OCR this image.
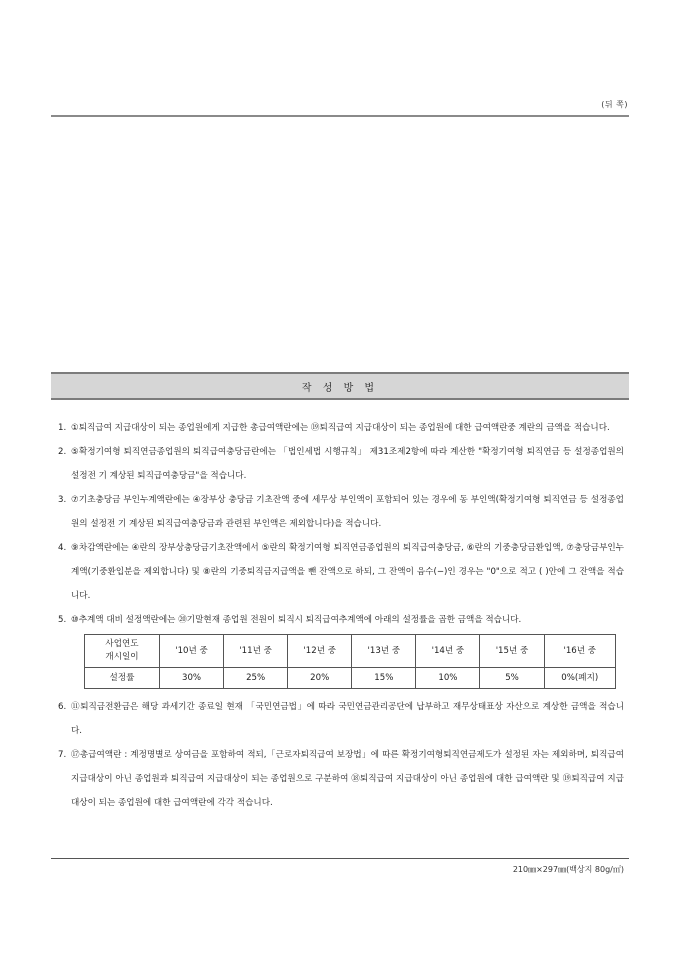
(뒤 쪽)
작 성 방 법
1. ①퇴직급여 지급대상이 되는 종업원에게 지급한 총급여액란에는 ⑲퇴직급여 지급대상이 되는 종업원에 대한 급여액란중 계란의 금액을 적습니다.
2. ⑤확정기여형 퇴직연금종업원의 퇴직급여충당금란에는 「법인세법 시행규칙」 제31조제2항에 따라 계산한 "확정기여형 퇴직연금 등 설정종업원의 설정전 기 계상된 퇴직급여충당금"을 적습니다.
3. ⑦기초충당금 부인누계액란에는 ④장부상 충당금 기초잔액 중에 세무상 부인액이 포함되어 있는 경우에 동 부인액(확정기여형 퇴직연금 등 설정종업원의 설정전 기 계상된 퇴직급여충당금과 관련된 부인액은 제외합니다)을 적습니다.
4. ⑨차감액란에는 ④란의 장부상충당금기초잔액에서 ⑤란의 확정기여형 퇴직연금종업원의 퇴직급여충당금, ⑥란의 기중충당금환입액, ⑦충당금부인누계액(기중환입분을 제외합니다) 및 ⑧란의 기중퇴직금지급액을 뺀 잔액으로 하되, 그 잔액이 음수(−)인 경우는 "0"으로 적고 ( )안에 그 잔액을 적습니다.
5. ⑩추계액 대비 설정액란에는 ⑳기말현재 종업원 전원이 퇴직시 퇴직급여추계액에 아래의 설정률을 곱한 금액을 적습니다.
사업연도
개시일이	'10년 중	'11년 중	'12년 중	'13년 중	'14년 중	'15년 중	'16년 중
설정률	30%	25%	20%	15%	10%	5%	0%(폐지)
6. ⑪퇴직금전환금은 해당 과세기간 종료일 현재 「국민연금법」에 따라 국민연금관리공단에 납부하고 재무상태표상 자산으로 계상한 금액을 적습니다.
7. ⑰총급여액란 : 계정명별로 상여금을 포함하여 적되,「근로자퇴직급여 보장법」에 따른 확정기여형퇴직연금제도가 설정된 자는 제외하며, 퇴직급여 지급대상이 아닌 종업원과 퇴직급여 지급대상이 되는 종업원으로 구분하여 ⑱퇴직급여 지급대상이 아닌 종업원에 대한 급여액란 및 ⑲퇴직급여 지급대상이 되는 종업원에 대한 급여액란에 각각 적습니다.
210㎜×297㎜(백상지 80g/㎡)
